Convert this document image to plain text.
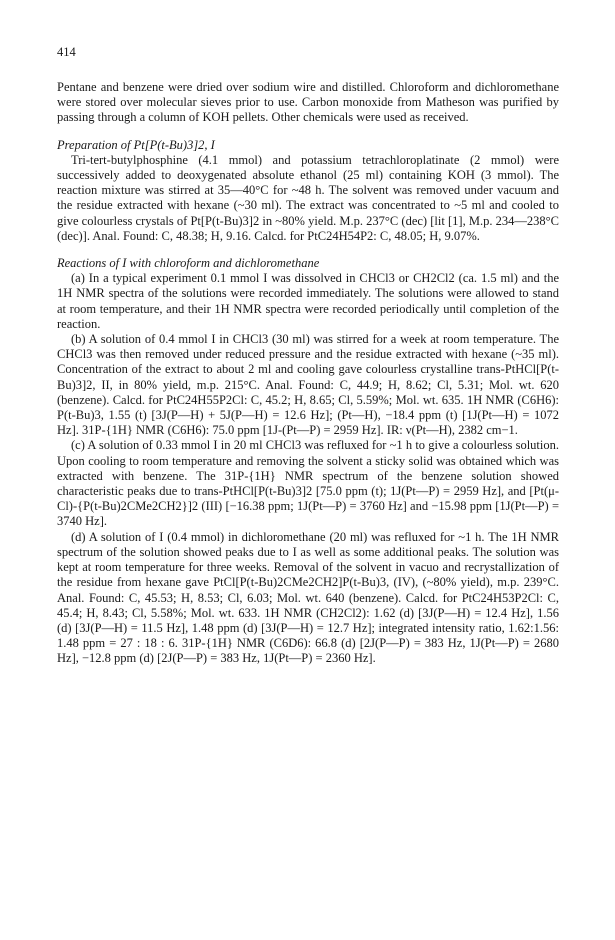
414

Pentane and benzene were dried over sodium wire and distilled. Chloroform and dichloromethane were stored over molecular sieves prior to use. Carbon monoxide from Matheson was purified by passing through a column of KOH pellets. Other chemicals were used as received.

Preparation of Pt[P(t-Bu)3]2, I

Tri-tert-butylphosphine (4.1 mmol) and potassium tetrachloroplatinate (2 mmol) were successively added to deoxygenated absolute ethanol (25 ml) containing KOH (3 mmol). The reaction mixture was stirred at 35—40°C for ~48 h. The solvent was removed under vacuum and the residue extracted with hexane (~30 ml). The extract was concentrated to ~5 ml and cooled to give colourless crystals of Pt[P(t-Bu)3]2 in ~80% yield. M.p. 237°C (dec) [lit [1], M.p. 234—238°C (dec)]. Anal. Found: C, 48.38; H, 9.16. Calcd. for PtC24H54P2: C, 48.05; H, 9.07%.

Reactions of I with chloroform and dichloromethane

(a) In a typical experiment 0.1 mmol I was dissolved in CHCl3 or CH2Cl2 (ca. 1.5 ml) and the 1H NMR spectra of the solutions were recorded immediately. The solutions were allowed to stand at room temperature, and their 1H NMR spectra were recorded periodically until completion of the reaction.

(b) A solution of 0.4 mmol I in CHCl3 (30 ml) was stirred for a week at room temperature. The CHCl3 was then removed under reduced pressure and the residue extracted with hexane (~35 ml). Concentration of the extract to about 2 ml and cooling gave colourless crystalline trans-PtHCl[P(t-Bu)3]2, II, in 80% yield, m.p. 215°C. Anal. Found: C, 44.9; H, 8.62; Cl, 5.31; Mol. wt. 620 (benzene). Calcd. for PtC24H55P2Cl: C, 45.2; H, 8.65; Cl, 5.59%; Mol. wt. 635. 1H NMR (C6H6): P(t-Bu)3, 1.55 (t) [3J(P—H) + 5J(P—H) = 12.6 Hz]; (Pt—H), −18.4 ppm (t) [1J(Pt—H) = 1072 Hz]. 31P-{1H} NMR (C6H6): 75.0 ppm [1J-(Pt—P) = 2959 Hz]. IR: ν(Pt—H), 2382 cm−1.

(c) A solution of 0.33 mmol I in 20 ml CHCl3 was refluxed for ~1 h to give a colourless solution. Upon cooling to room temperature and removing the solvent a sticky solid was obtained which was extracted with benzene. The 31P-{1H} NMR spectrum of the benzene solution showed characteristic peaks due to trans-PtHCl[P(t-Bu)3]2 [75.0 ppm (t); 1J(Pt—P) = 2959 Hz], and [Pt(μ-Cl)-{P(t-Bu)2CMe2CH2}]2 (III) [−16.38 ppm; 1J(Pt—P) = 3760 Hz] and −15.98 ppm [1J(Pt—P) = 3740 Hz].

(d) A solution of I (0.4 mmol) in dichloromethane (20 ml) was refluxed for ~1 h. The 1H NMR spectrum of the solution showed peaks due to I as well as some additional peaks. The solution was kept at room temperature for three weeks. Removal of the solvent in vacuo and recrystallization of the residue from hexane gave PtCl[P(t-Bu)2CMe2CH2]P(t-Bu)3, (IV), (~80% yield), m.p. 239°C. Anal. Found: C, 45.53; H, 8.53; Cl, 6.03; Mol. wt. 640 (benzene). Calcd. for PtC24H53P2Cl: C, 45.4; H, 8.43; Cl, 5.58%; Mol. wt. 633. 1H NMR (CH2Cl2): 1.62 (d) [3J(P—H) = 12.4 Hz], 1.56 (d) [3J(P—H) = 11.5 Hz], 1.48 ppm (d) [3J(P—H) = 12.7 Hz]; integrated intensity ratio, 1.62:1.56: 1.48 ppm = 27 : 18 : 6. 31P-{1H} NMR (C6D6): 66.8 (d) [2J(P—P) = 383 Hz, 1J(Pt—P) = 2680 Hz], −12.8 ppm (d) [2J(P—P) = 383 Hz, 1J(Pt—P) = 2360 Hz].
